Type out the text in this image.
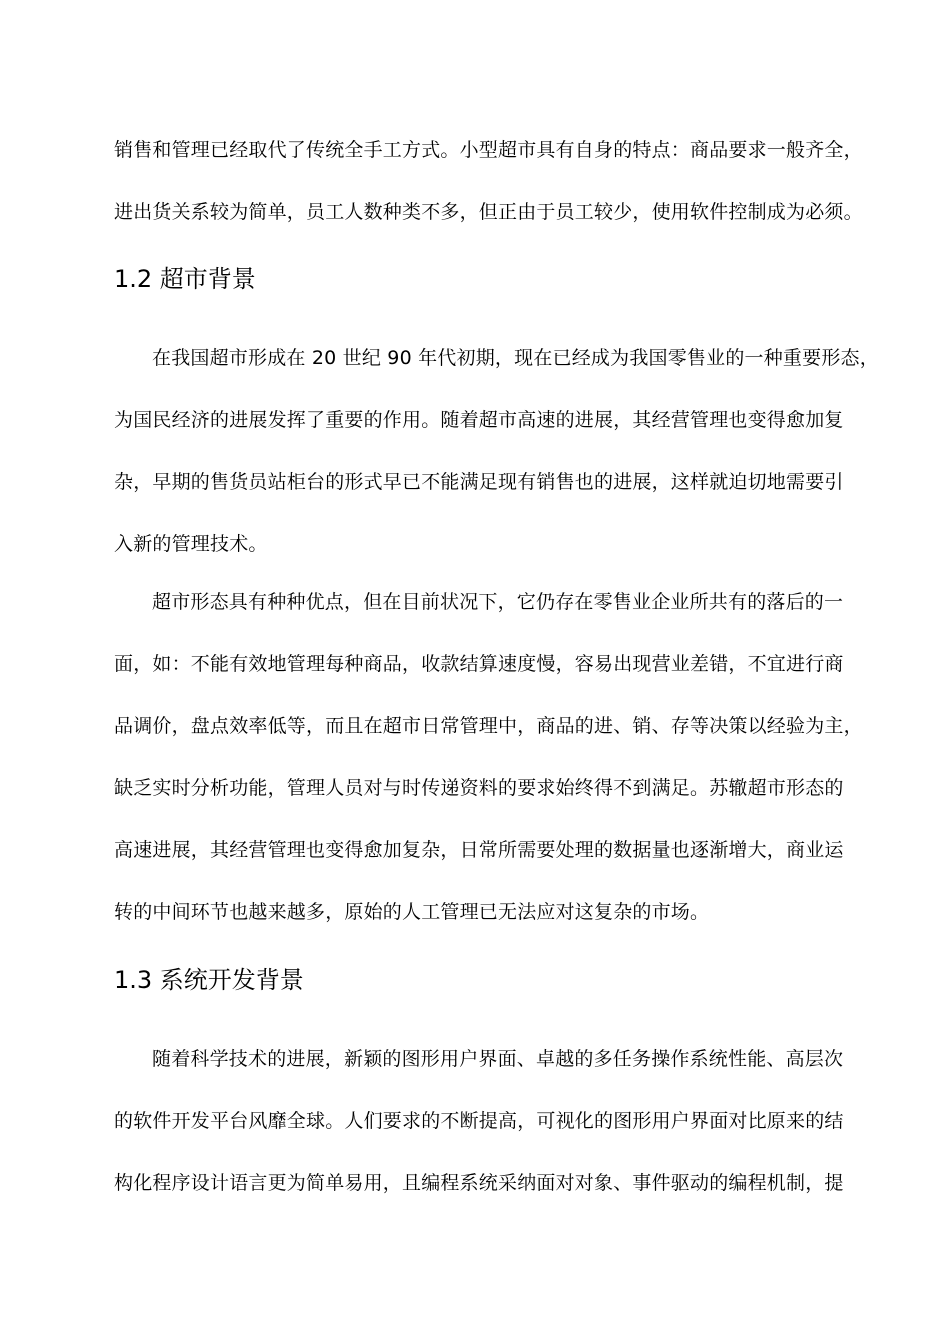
销售和管理已经取代了传统全手工方式。小型超市具有自身的特点：商品要求一般齐全，
进出货关系较为简单，员工人数种类不多，但正由于员工较少，使用软件控制成为必须。
1.2 超市背景
在我国超市形成在 20 世纪 90 年代初期，现在已经成为我国零售业的一种重要形态，
为国民经济的进展发挥了重要的作用。随着超市高速的进展，其经营管理也变得愈加复
杂，早期的售货员站柜台的形式早已不能满足现有销售也的进展，这样就迫切地需要引
入新的管理技术。
超市形态具有种种优点，但在目前状况下，它仍存在零售业企业所共有的落后的一
面，如：不能有效地管理每种商品，收款结算速度慢，容易出现营业差错，不宜进行商
品调价，盘点效率低等，而且在超市日常管理中，商品的进、销、存等决策以经验为主，
缺乏实时分析功能，管理人员对与时传递资料的要求始终得不到满足。苏辙超市形态的
高速进展，其经营管理也变得愈加复杂，日常所需要处理的数据量也逐渐增大，商业运
转的中间环节也越来越多，原始的人工管理已无法应对这复杂的市场。
1.3 系统开发背景
随着科学技术的进展，新颖的图形用户界面、卓越的多任务操作系统性能、高层次
的软件开发平台风靡全球。人们要求的不断提高，可视化的图形用户界面对比原来的结
构化程序设计语言更为简单易用，且编程系统采纳面对对象、事件驱动的编程机制，提
